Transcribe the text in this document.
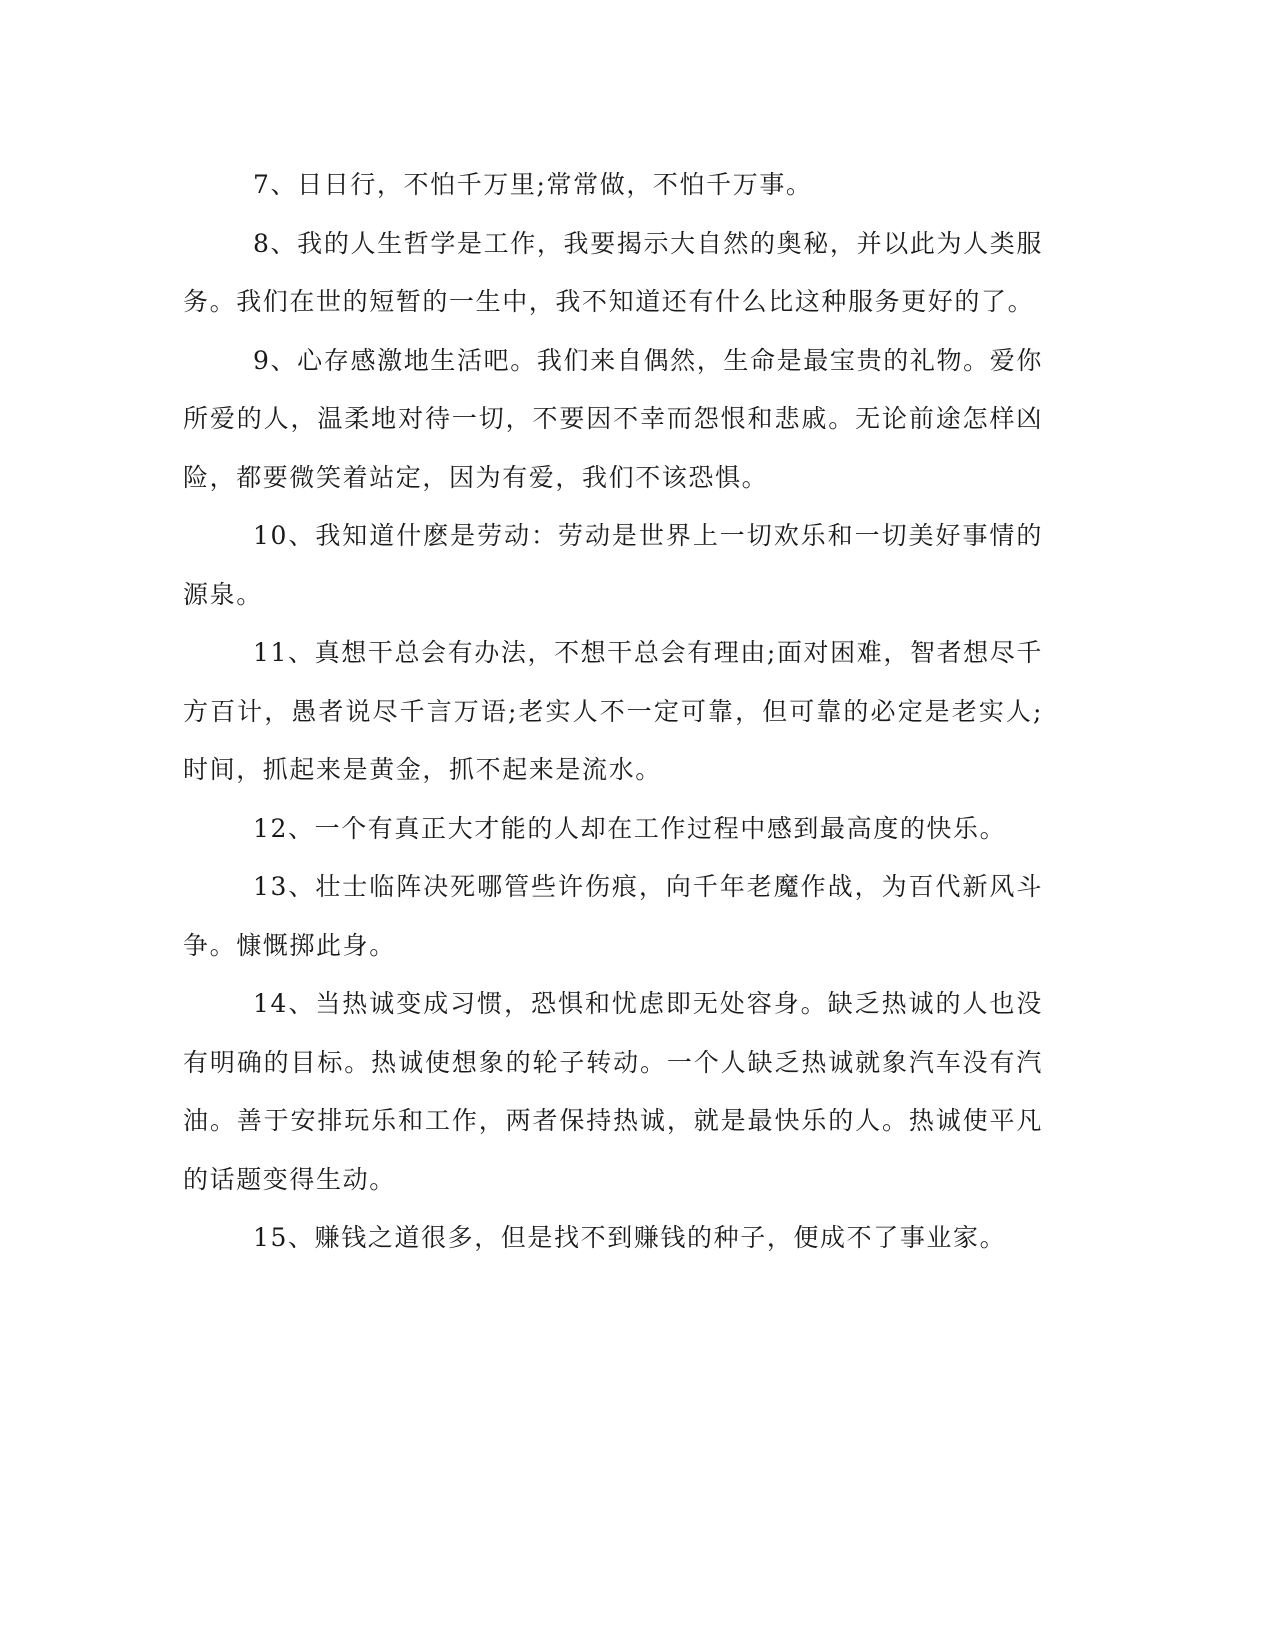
7、日日行，不怕千万里;常常做，不怕千万事。

8、我的人生哲学是工作，我要揭示大自然的奥秘，并以此为人类服务。我们在世的短暂的一生中，我不知道还有什么比这种服务更好的了。

9、心存感激地生活吧。我们来自偶然，生命是最宝贵的礼物。爱你所爱的人，温柔地对待一切，不要因不幸而怨恨和悲戚。无论前途怎样凶险，都要微笑着站定，因为有爱，我们不该恐惧。

10、我知道什麽是劳动：劳动是世界上一切欢乐和一切美好事情的源泉。

11、真想干总会有办法，不想干总会有理由;面对困难，智者想尽千方百计，愚者说尽千言万语;老实人不一定可靠，但可靠的必定是老实人;时间，抓起来是黄金，抓不起来是流水。

12、一个有真正大才能的人却在工作过程中感到最高度的快乐。

13、壮士临阵决死哪管些许伤痕，向千年老魔作战，为百代新风斗争。慷慨掷此身。

14、当热诚变成习惯，恐惧和忧虑即无处容身。缺乏热诚的人也没有明确的目标。热诚使想象的轮子转动。一个人缺乏热诚就象汽车没有汽油。善于安排玩乐和工作，两者保持热诚，就是最快乐的人。热诚使平凡的话题变得生动。

15、赚钱之道很多，但是找不到赚钱的种子，便成不了事业家。
